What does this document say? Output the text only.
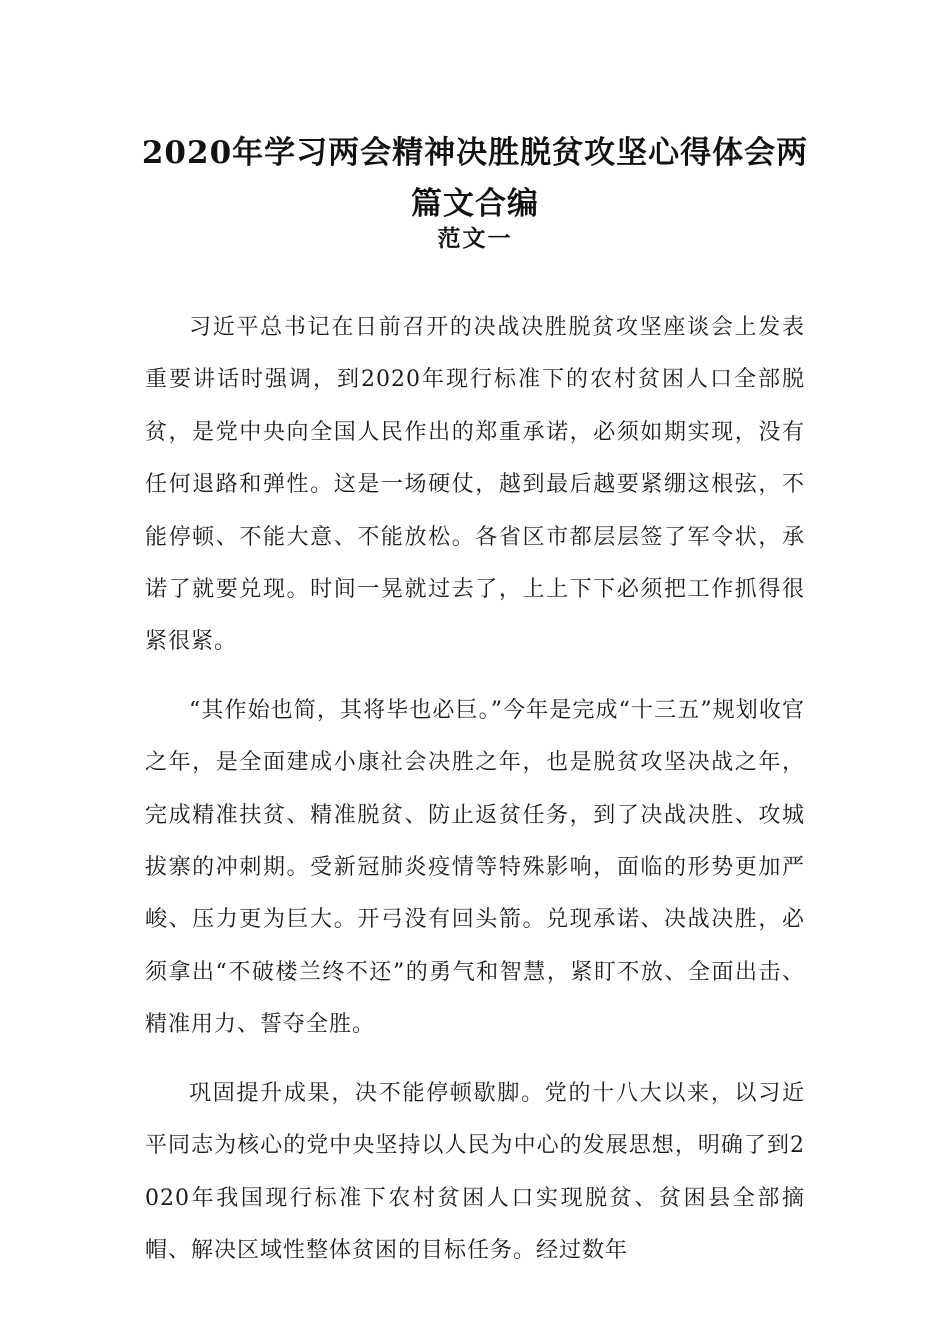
2020年学习两会精神决胜脱贫攻坚心得体会两篇文合编
范文一

习近平总书记在日前召开的决战决胜脱贫攻坚座谈会上发表重要讲话时强调，到2020年现行标准下的农村贫困人口全部脱贫，是党中央向全国人民作出的郑重承诺，必须如期实现，没有任何退路和弹性。这是一场硬仗，越到最后越要紧绷这根弦，不能停顿、不能大意、不能放松。各省区市都层层签了军令状，承诺了就要兑现。时间一晃就过去了，上上下下必须把工作抓得很紧很紧。

“其作始也简，其将毕也必巨。”今年是完成“十三五”规划收官之年，是全面建成小康社会决胜之年，也是脱贫攻坚决战之年，完成精准扶贫、精准脱贫、防止返贫任务，到了决战决胜、攻城拔寨的冲刺期。受新冠肺炎疫情等特殊影响，面临的形势更加严峻、压力更为巨大。开弓没有回头箭。兑现承诺、决战决胜，必须拿出“不破楼兰终不还”的勇气和智慧，紧盯不放、全面出击、精准用力、誓夺全胜。

巩固提升成果，决不能停顿歇脚。党的十八大以来，以习近平同志为核心的党中央坚持以人民为中心的发展思想，明确了到2020年我国现行标准下农村贫困人口实现脱贫、贫困县全部摘帽、解决区域性整体贫困的目标任务。经过数年
